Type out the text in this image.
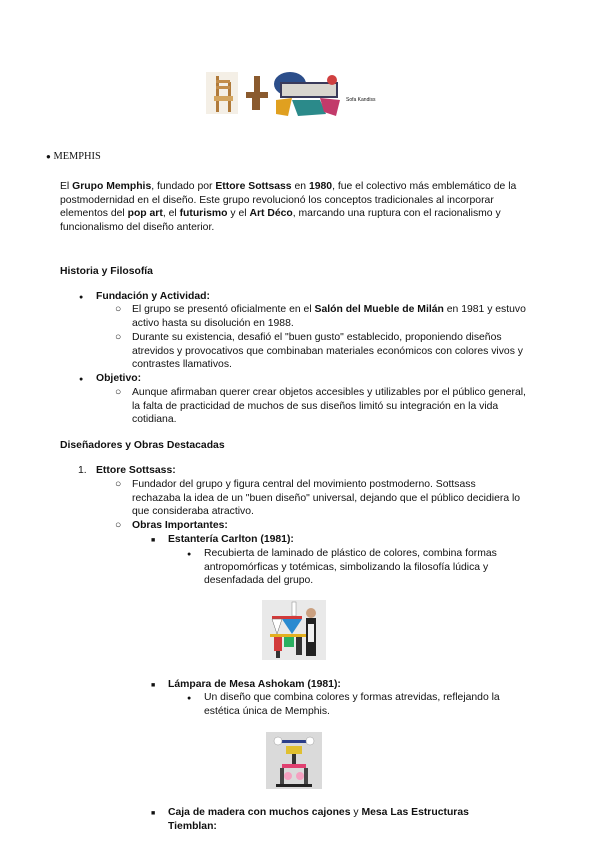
Sofa Kandiss
● MEMPHIS
El Grupo Memphis, fundado por Ettore Sottsass en 1980, fue el colectivo más emblemático de la postmodernidad en el diseño. Este grupo revolucionó los conceptos tradicionales al incorporar elementos del pop art, el futurismo y el Art Déco, marcando una ruptura con el racionalismo y funcionalismo del diseño anterior.
Historia y Filosofía
● Fundación y Actividad:
○ El grupo se presentó oficialmente en el Salón del Mueble de Milán en 1981 y estuvo activo hasta su disolución en 1988.
○ Durante su existencia, desafió el "buen gusto" establecido, proponiendo diseños atrevidos y provocativos que combinaban materiales económicos con colores vivos y contrastes llamativos.
● Objetivo:
○ Aunque afirmaban querer crear objetos accesibles y utilizables por el público general, la falta de practicidad de muchos de sus diseños limitó su integración en la vida cotidiana.
Diseñadores y Obras Destacadas
1. Ettore Sottsass:
○ Fundador del grupo y figura central del movimiento postmoderno. Sottsass rechazaba la idea de un "buen diseño" universal, dejando que el público decidiera lo que consideraba atractivo.
○ Obras Importantes:
■ Estantería Carlton (1981):
● Recubierta de laminado de plástico de colores, combina formas antropomórficas y totémicas, simbolizando la filosofía lúdica y desenfadada del grupo.
■ Lámpara de Mesa Ashokam (1981):
● Un diseño que combina colores y formas atrevidas, reflejando la estética única de Memphis.
■ Caja de madera con muchos cajones y Mesa Las Estructuras Tiemblan:
